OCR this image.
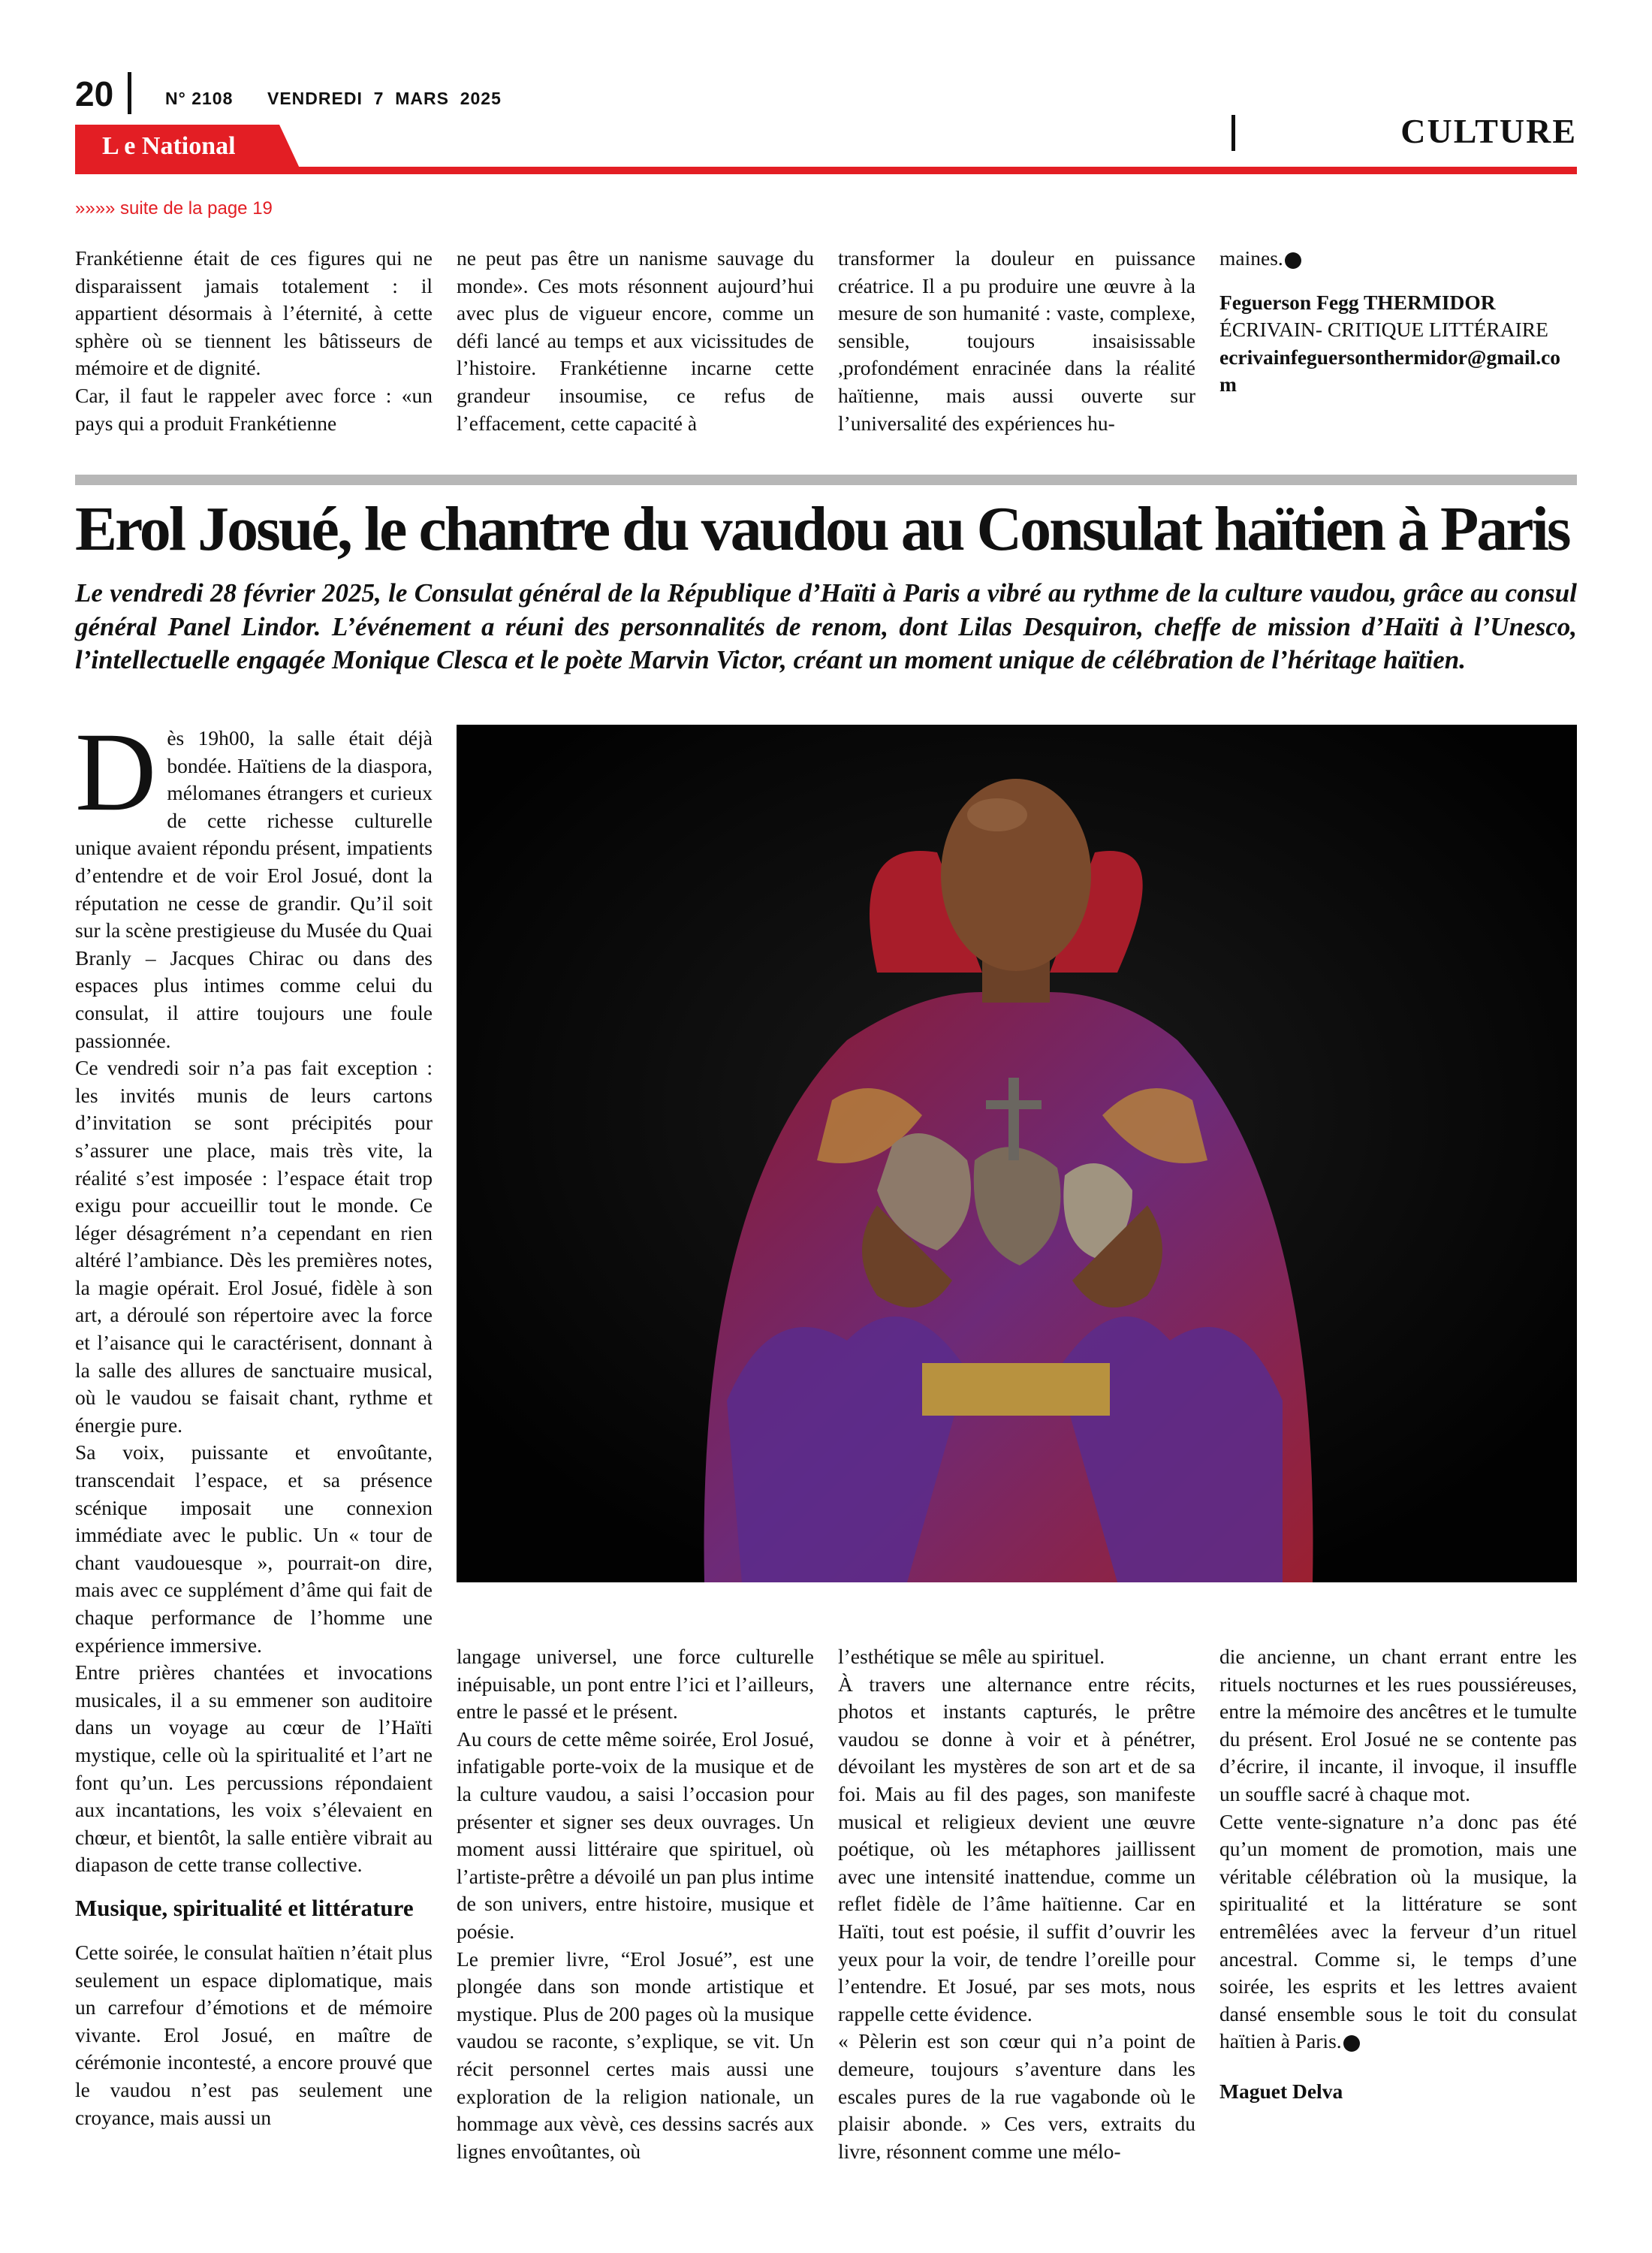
20	N° 2108 VENDREDI  7  MARS  2025
L e National	CULTURE
»»»» suite de la page 19

Frankétienne était de ces figures qui ne disparaissent jamais totalement : il appartient désormais à l’éternité, à cette sphère où se tiennent les bâtisseurs de mémoire et de dignité.

Car, il faut le rappeler avec force : «un pays qui a produit Frankétienne

ne peut pas être un nanisme sauvage du monde». Ces mots résonnent aujourd’hui avec plus de vigueur encore, comme un défi lancé au temps et aux vicissitudes de l’histoire. Frankétienne incarne cette grandeur insoumise, ce refus de l’effacement, cette capacité à

transformer la douleur en puissance créatrice. Il a pu produire une œuvre à la mesure de son humanité : vaste, complexe, sensible, toujours insaisissable ,profondément enracinée dans la réalité haïtienne, mais aussi ouverte sur l’universalité des expériences hu-

maines.

Feguerson Fegg THERMIDOR

ÉCRIVAIN- CRITIQUE LITTÉRAIRE

ecrivainfeguersonthermidor@gmail.com

Erol Josué, le chantre du vaudou au Consulat haïtien à Paris
Le vendredi 28 février 2025, le Consulat général de la République d’Haïti à Paris a vibré au rythme de la culture vaudou, grâce au consul général Panel Lindor. L’événement a réuni des personnalités de renom, dont Lilas Desquiron, cheffe de mission d’Haïti à l’Unesco, l’intellectuelle engagée Monique Clesca et le poète Marvin Victor, créant un moment unique de célébration de l’héritage haïtien.

Dès 19h00, la salle était déjà bondée. Haïtiens de la diaspora, mélomanes étrangers et curieux de cette richesse culturelle unique avaient répondu présent, impatients d’entendre et de voir Erol Josué, dont la réputation ne cesse de grandir. Qu’il soit sur la scène prestigieuse du Musée du Quai Branly – Jacques Chirac ou dans des espaces plus intimes comme celui du consulat, il attire toujours une foule passionnée.

Ce vendredi soir n’a pas fait exception : les invités munis de leurs cartons d’invitation se sont précipités pour s’assurer une place, mais très vite, la réalité s’est imposée : l’espace était trop exigu pour accueillir tout le monde. Ce léger désagrément n’a cependant en rien altéré l’ambiance. Dès les premières notes, la magie opérait. Erol Josué, fidèle à son art, a déroulé son répertoire avec la force et l’aisance qui le caractérisent, donnant à la salle des allures de sanctuaire musical, où le vaudou se faisait chant, rythme et énergie pure.

Sa voix, puissante et envoûtante, transcendait l’espace, et sa présence scénique imposait une connexion immédiate avec le public. Un « tour de chant vaudouesque », pourrait-on dire, mais avec ce supplément d’âme qui fait de chaque performance de l’homme une expérience immersive.

Entre prières chantées et invocations musicales, il a su emmener son auditoire dans un voyage au cœur de l’Haïti mystique, celle où la spiritualité et l’art ne font qu’un. Les percussions répondaient aux incantations, les voix s’élevaient en chœur, et bientôt, la salle entière vibrait au diapason de cette transe collective.

Musique, spiritualité et littérature

Cette soirée, le consulat haïtien n’était plus seulement un espace diplomatique, mais un carrefour d’émotions et de mémoire vivante. Erol Josué, en maître de cérémonie incontesté, a encore prouvé que le vaudou n’est pas seulement une croyance, mais aussi un

langage universel, une force culturelle inépuisable, un pont entre l’ici et l’ailleurs, entre le passé et le présent.

Au cours de cette même soirée, Erol Josué, infatigable porte-voix de la musique et de la culture vaudou, a saisi l’occasion pour présenter et signer ses deux ouvrages. Un moment aussi littéraire que spirituel, où l’artiste-prêtre a dévoilé un pan plus intime de son univers, entre histoire, musique et poésie.

Le premier livre, “Erol Josué”, est une plongée dans son monde artistique et mystique. Plus de 200 pages où la musique vaudou se raconte, s’explique, se vit. Un récit personnel certes mais aussi une exploration de la religion nationale, un hommage aux vèvè, ces dessins sacrés aux lignes envoûtantes, où

l’esthétique se mêle au spirituel.

À travers une alternance entre récits, photos et instants capturés, le prêtre vaudou se donne à voir et à pénétrer, dévoilant les mystères de son art et de sa foi. Mais au fil des pages, son manifeste musical et religieux devient une œuvre poétique, où les métaphores jaillissent avec une intensité inattendue, comme un reflet fidèle de l’âme haïtienne. Car en Haïti, tout est poésie, il suffit d’ouvrir les yeux pour la voir, de tendre l’oreille pour l’entendre. Et Josué, par ses mots, nous rappelle cette évidence.

« Pèlerin est son cœur qui n’a point de demeure, toujours s’aventure dans les escales pures de la rue vagabonde où le plaisir abonde. » Ces vers, extraits du livre, résonnent comme une mélo-

die ancienne, un chant errant entre les rituels nocturnes et les rues poussiéreuses, entre la mémoire des ancêtres et le tumulte du présent. Erol Josué ne se contente pas d’écrire, il incante, il invoque, il insuffle un souffle sacré à chaque mot.

Cette vente-signature n’a donc pas été qu’un moment de promotion, mais une véritable célébration où la musique, la spiritualité et la littérature se sont entremêlées avec la ferveur d’un rituel ancestral. Comme si, le temps d’une soirée, les esprits et les lettres avaient dansé ensemble sous le toit du consulat haïtien à Paris.

Maguet Delva
